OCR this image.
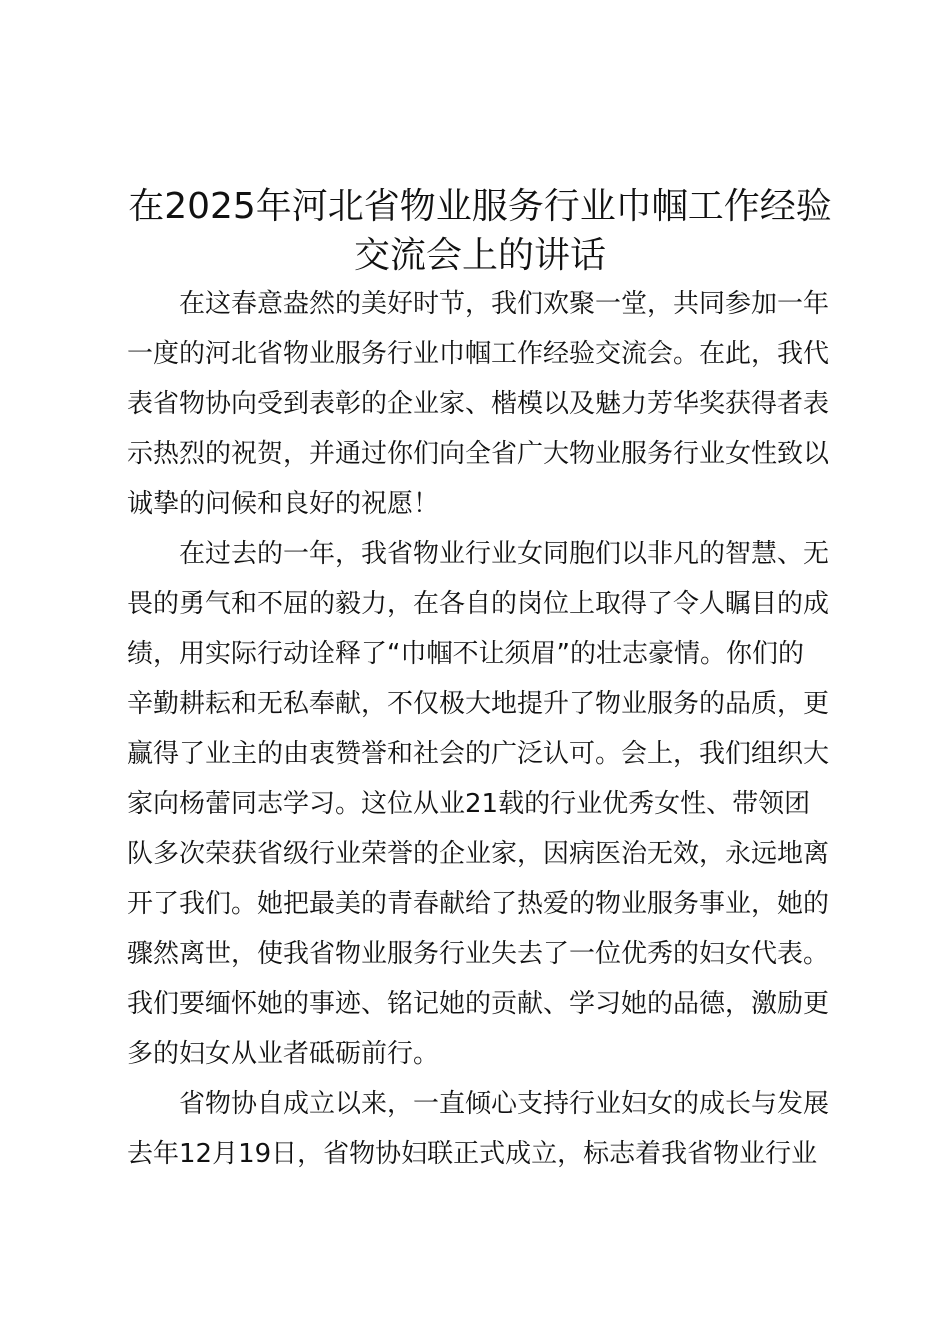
在2025年河北省物业服务行业巾帼工作经验
交流会上的讲话

　　在这春意盎然的美好时节，我们欢聚一堂，共同参加一年

一度的河北省物业服务行业巾帼工作经验交流会。在此，我代

表省物协向受到表彰的企业家、楷模以及魅力芳华奖获得者表

示热烈的祝贺，并通过你们向全省广大物业服务行业女性致以

诚挚的问候和良好的祝愿！

　　在过去的一年，我省物业行业女同胞们以非凡的智慧、无

畏的勇气和不屈的毅力，在各自的岗位上取得了令人瞩目的成

绩，用实际行动诠释了“巾帼不让须眉”的壮志豪情。你们的

辛勤耕耘和无私奉献，不仅极大地提升了物业服务的品质，更

赢得了业主的由衷赞誉和社会的广泛认可。会上，我们组织大

家向杨蕾同志学习。这位从业21载的行业优秀女性、带领团

队多次荣获省级行业荣誉的企业家，因病医治无效，永远地离

开了我们。她把最美的青春献给了热爱的物业服务事业，她的

骤然离世，使我省物业服务行业失去了一位优秀的妇女代表。

我们要缅怀她的事迹、铭记她的贡献、学习她的品德，激励更

多的妇女从业者砥砺前行。

　　省物协自成立以来，一直倾心支持行业妇女的成长与发展

去年12月19日，省物协妇联正式成立，标志着我省物业行业
